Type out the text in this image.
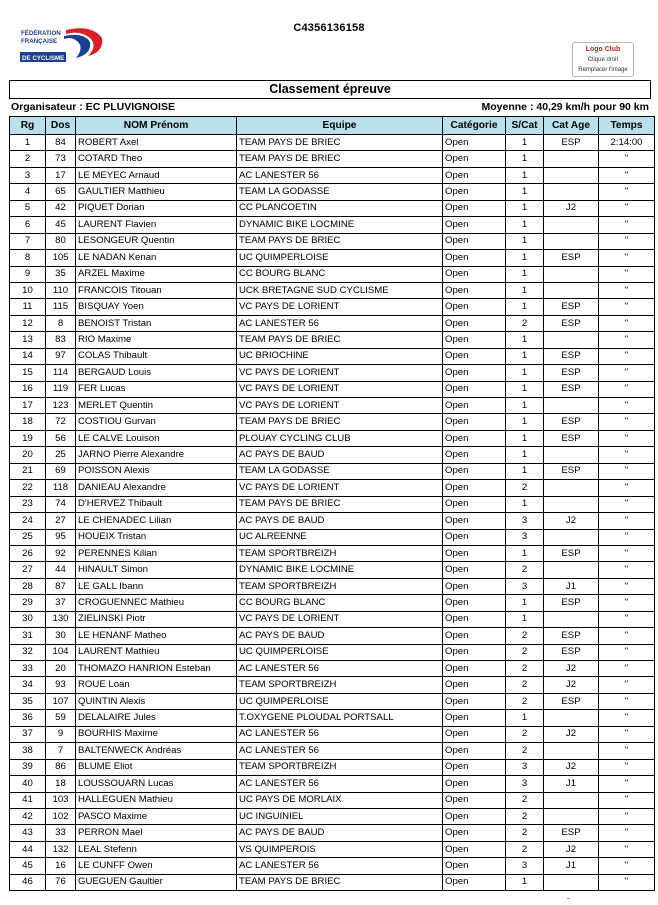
C4356136158
FÉDÉRATION
FRANÇAISE
DE CYCLISME
Logo Club
Clique droit
Remplacer l'image
Classement épreuve
Organisateur : EC PLUVIGNOISE	Moyenne : 40,29 km/h pour 90 km
Rg	Dos	NOM Prénom	Equipe	Catégorie	S/Cat	Cat Age	Temps
1	84	ROBERT Axel	TEAM PAYS DE BRIEC	Open	1	ESP	2:14:00
2	73	COTARD Theo	TEAM PAYS DE BRIEC	Open	1		"
3	17	LE MEYEC Arnaud	AC LANESTER 56	Open	1		"
4	65	GAULTIER Matthieu	TEAM LA GODASSE	Open	1		"
5	42	PIQUET Dorian	CC PLANCOETIN	Open	1	J2	"
6	45	LAURENT Flavien	DYNAMIC BIKE LOCMINE	Open	1		"
7	80	LESONGEUR Quentin	TEAM PAYS DE BRIEC	Open	1		"
8	105	LE NADAN Kenan	UC QUIMPERLOISE	Open	1	ESP	"
9	35	ARZEL Maxime	CC BOURG BLANC	Open	1		"
10	110	FRANCOIS Titouan	UCK BRETAGNE SUD CYCLISME	Open	1		"
11	115	BISQUAY Yoen	VC PAYS DE LORIENT	Open	1	ESP	"
12	8	BENOIST Tristan	AC LANESTER 56	Open	2	ESP	"
13	83	RIO Maxime	TEAM PAYS DE BRIEC	Open	1		"
14	97	COLAS Thibault	UC BRIOCHINE	Open	1	ESP	"
15	114	BERGAUD Louis	VC PAYS DE LORIENT	Open	1	ESP	"
16	119	FER Lucas	VC PAYS DE LORIENT	Open	1	ESP	"
17	123	MERLET Quentin	VC PAYS DE LORIENT	Open	1		"
18	72	COSTIOU Gurvan	TEAM PAYS DE BRIEC	Open	1	ESP	"
19	56	LE CALVE Louison	PLOUAY CYCLING CLUB	Open	1	ESP	"
20	25	JARNO Pierre Alexandre	AC PAYS DE BAUD	Open	1		"
21	69	POISSON Alexis	TEAM LA GODASSE	Open	1	ESP	"
22	118	DANIEAU Alexandre	VC PAYS DE LORIENT	Open	2		"
23	74	D'HERVEZ Thibault	TEAM PAYS DE BRIEC	Open	1		"
24	27	LE CHENADEC Lilian	AC PAYS DE BAUD	Open	3	J2	"
25	95	HOUEIX Tristan	UC ALREENNE	Open	3		"
26	92	PERENNES Kilian	TEAM SPORTBREIZH	Open	1	ESP	"
27	44	HINAULT Simon	DYNAMIC BIKE LOCMINE	Open	2		"
28	87	LE GALL Ibann	TEAM SPORTBREIZH	Open	3	J1	"
29	37	CROGUENNEC Mathieu	CC BOURG BLANC	Open	1	ESP	"
30	130	ZIELINSKI Piotr	VC PAYS DE LORIENT	Open	1		"
31	30	LE HENANF Matheo	AC PAYS DE BAUD	Open	2	ESP	"
32	104	LAURENT Mathieu	UC QUIMPERLOISE	Open	2	ESP	"
33	20	THOMAZO HANRION Esteban	AC LANESTER 56	Open	2	J2	"
34	93	ROUE Loan	TEAM SPORTBREIZH	Open	2	J2	"
35	107	QUINTIN Alexis	UC QUIMPERLOISE	Open	2	ESP	"
36	59	DELALAIRE Jules	T.OXYGENE PLOUDAL PORTSALL	Open	1		"
37	9	BOURHIS Maxime	AC LANESTER 56	Open	2	J2	"
38	7	BALTENWECK Andréas	AC LANESTER 56	Open	2		"
39	86	BLUME Eliot	TEAM SPORTBREIZH	Open	3	J2	"
40	18	LOUSSOUARN Lucas	AC LANESTER 56	Open	3	J1	"
41	103	HALLEGUEN Mathieu	UC PAYS DE MORLAIX	Open	2		"
42	102	PASCO Maxime	UC INGUINIEL	Open	2		"
43	33	PERRON Mael	AC PAYS DE BAUD	Open	2	ESP	"
44	132	LEAL Stefenn	VS QUIMPEROIS	Open	2	J2	"
45	16	LE CUNFF Owen	AC LANESTER 56	Open	3	J1	"
46	76	GUEGUEN Gaultier	TEAM PAYS DE BRIEC	Open	1		"
